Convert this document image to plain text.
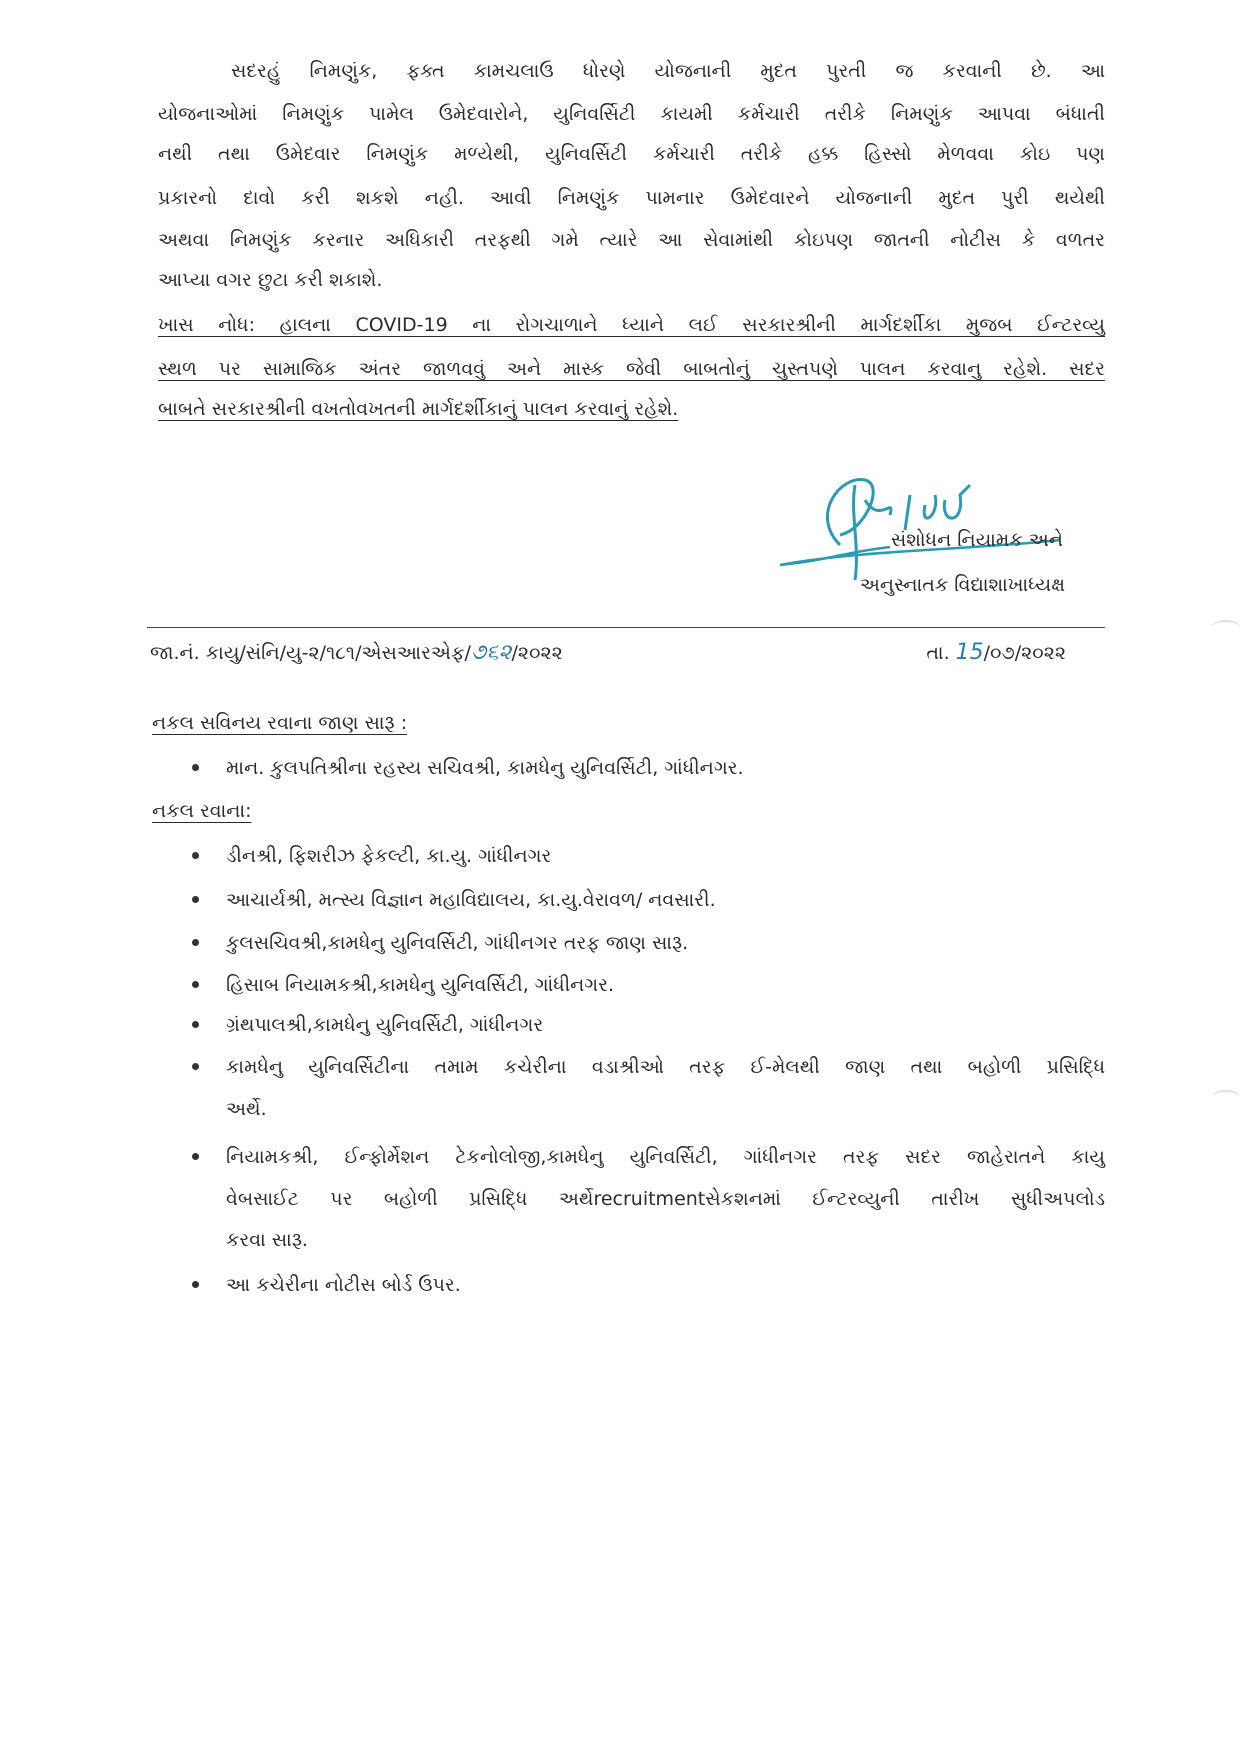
સદરહું નિમણુંક, ફક્ત કામચલાઉ ધોરણે યોજનાની મુદત પુરતી જ કરવાની છે. આ
યોજનાઓમાં નિમણુંક પામેલ ઉમેદવારોને, યુનિવર્સિટી કાયમી કર્મચારી તરીકે નિમણુંક આપવા બંધાતી
નથી તથા ઉમેદવાર નિમણુંક મળ્યેથી, યુનિવર્સિટી કર્મચારી તરીકે હક્ક હિસ્સો મેળવવા કોઇ પણ
પ્રકારનો દાવો કરી શકશે નહી. આવી નિમણુંક પામનાર ઉમેદવારને યોજનાની મુદત પુરી થયેથી
અથવા નિમણુંક કરનાર અધિકારી તરફથી ગમે ત્યારે આ સેવામાંથી કોઇપણ જાતની નોટીસ કે વળતર
આપ્યા વગર છુટા કરી શકાશે.
ખાસ નોધ: હાલના COVID-19 ના રોગચાળાને ધ્યાને લઈ સરકારશ્રીની માર્ગદર્શીકા મુજબ ઈન્ટરવ્યુ
સ્થળ પર સામાજિક અંતર જાળવવું અને માસ્ક જેવી બાબતોનું ચુસ્તપણે પાલન કરવાનુ રહેશે. સદર
બાબતે સરકારશ્રીની વખતોવખતની માર્ગદર્શીકાનું પાલન કરવાનું રહેશે.
સંશોધન નિયામક અને
અનુસ્નાતક વિદ્યાશાખાધ્યક્ષ
જા.નં. કાયુ/સંનિ/યુ-૨/૧૮૧/એસઆરએફ/૭૬૨/૨૦૨૨	તા. 15/૦૭/૨૦૨૨
નકલ સવિનય રવાના જાણ સારૂ :
માન. કુલપતિશ્રીના રહસ્ય સચિવશ્રી, કામધેનુ યુનિવર્સિટી, ગાંધીનગર.
નકલ રવાના:
ડીનશ્રી, ફિશરીઝ ફેકલ્ટી, કા.યુ. ગાંધીનગર
આચાર્યશ્રી, મત્સ્ય વિજ્ઞાન મહાવિદ્યાલય, કા.યુ.વેરાવળ/ નવસારી.
કુલસચિવશ્રી,કામધેનુ યુનિવર્સિટી, ગાંધીનગર તરફ જાણ સારૂ.
હિસાબ નિયામકશ્રી,કામધેનુ યુનિવર્સિટી, ગાંધીનગર.
ગ્રંથપાલશ્રી,કામધેનુ યુનિવર્સિટી, ગાંધીનગર
કામધેનુ યુનિવર્સિટીના તમામ કચેરીના વડાશ્રીઓ તરફ ઈ-મેલથી જાણ તથા બહોળી પ્રસિદ્ધિ
અર્થે.
નિયામકશ્રી, ઈન્ફોર્મેશન ટેકનોલોજી,કામધેનુ યુનિવર્સિટી, ગાંધીનગર તરફ સદર જાહેરાતને કાયુ
વેબસાઈટ પર બહોળી પ્રસિદ્ધિ અર્થેrecruitmentસેકશનમાં ઈન્ટરવ્યુની તારીખ સુધીઅપલોડ
કરવા સારૂ.
આ કચેરીના નોટીસ બોર્ડ ઉપર.
